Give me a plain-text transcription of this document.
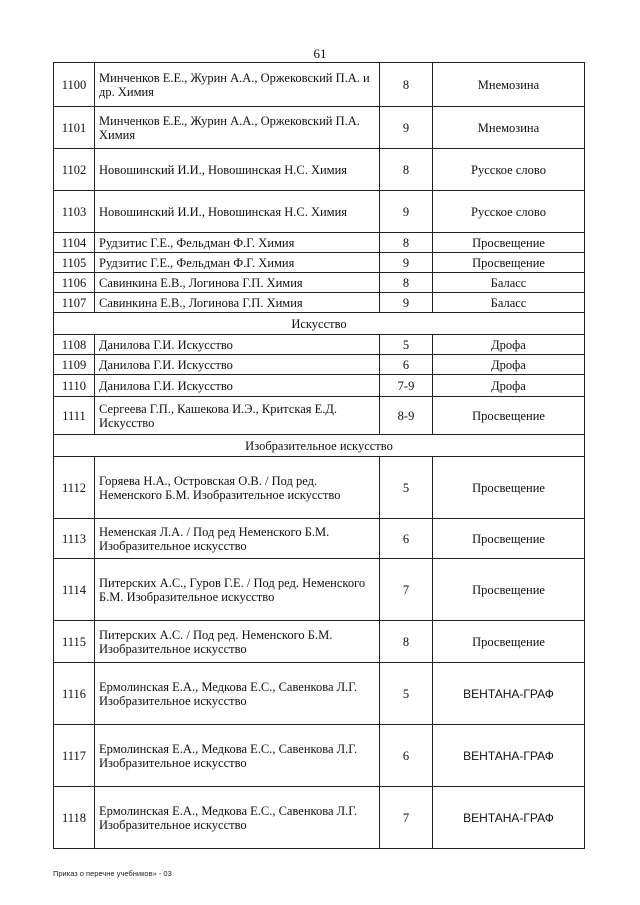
61
1100	Минченков Е.Е., Журин А.А., Оржековский П.А. и др. Химия	8	Мнемозина
1101	Минченков Е.Е., Журин А.А., Оржековский П.А. Химия	9	Мнемозина
1102	Новошинский И.И., Новошинская Н.С. Химия	8	Русское слово
1103	Новошинский И.И., Новошинская Н.С. Химия	9	Русское слово
1104	Рудзитис Г.Е., Фельдман Ф.Г. Химия	8	Просвещение
1105	Рудзитис Г.Е., Фельдман Ф.Г. Химия	9	Просвещение
1106	Савинкина Е.В., Логинова Г.П. Химия	8	Баласс
1107	Савинкина Е.В., Логинова Г.П. Химия	9	Баласс
Искусство			
1108	Данилова Г.И. Искусство	5	Дрофа
1109	Данилова Г.И. Искусство	6	Дрофа
1110	Данилова Г.И. Искусство	7-9	Дрофа
1111	Сергеева Г.П., Кашекова И.Э., Критская Е.Д. Искусство	8-9	Просвещение
Изобразительное искусство			
1112	Горяева Н.А., Островская О.В. / Под ред. Неменского Б.М. Изобразительное искусство	5	Просвещение
1113	Неменская Л.А. / Под ред Неменского Б.М. Изобразительное искусство	6	Просвещение
1114	Питерских А.С., Гуров Г.Е. / Под ред. Неменского Б.М. Изобразительное искусство	7	Просвещение
1115	Питерских А.С. / Под ред. Неменского Б.М. Изобразительное искусство	8	Просвещение
1116	Ермолинская Е.А., Медкова Е.С., Савенкова Л.Г. Изобразительное искусство	5	ВЕНТАНА-ГРАФ
1117	Ермолинская Е.А., Медкова Е.С., Савенкова Л.Г. Изобразительное искусство	6	ВЕНТАНА-ГРАФ
1118	Ермолинская Е.А., Медкова Е.С., Савенкова Л.Г. Изобразительное искусство	7	ВЕНТАНА-ГРАФ
Приказ о перечне учебников» - 03
